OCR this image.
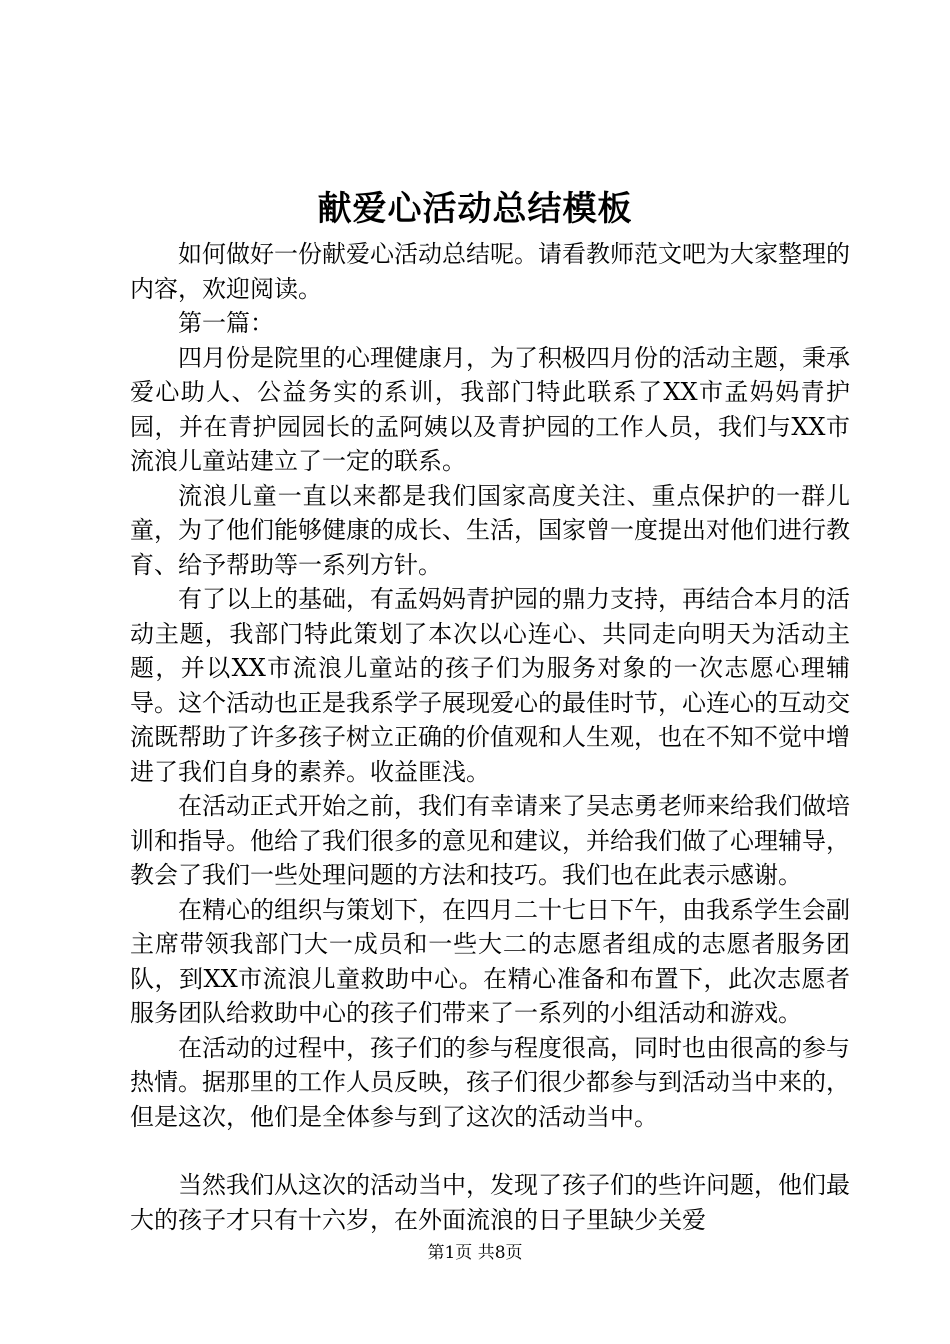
献爱心活动总结模板

如何做好一份献爱心活动总结呢。请看教师范文吧为大家整理的内容，欢迎阅读。

第一篇：

四月份是院里的心理健康月，为了积极四月份的活动主题，秉承爱心助人、公益务实的系训，我部门特此联系了XX市孟妈妈青护园，并在青护园园长的孟阿姨以及青护园的工作人员，我们与XX市流浪儿童站建立了一定的联系。

流浪儿童一直以来都是我们国家高度关注、重点保护的一群儿童，为了他们能够健康的成长、生活，国家曾一度提出对他们进行教育、给予帮助等一系列方针。

有了以上的基础，有孟妈妈青护园的鼎力支持，再结合本月的活动主题，我部门特此策划了本次以心连心、共同走向明天为活动主题，并以XX市流浪儿童站的孩子们为服务对象的一次志愿心理辅导。这个活动也正是我系学子展现爱心的最佳时节，心连心的互动交流既帮助了许多孩子树立正确的价值观和人生观，也在不知不觉中增进了我们自身的素养。收益匪浅。

在活动正式开始之前，我们有幸请来了吴志勇老师来给我们做培训和指导。他给了我们很多的意见和建议，并给我们做了心理辅导，教会了我们一些处理问题的方法和技巧。我们也在此表示感谢。

在精心的组织与策划下，在四月二十七日下午，由我系学生会副主席带领我部门大一成员和一些大二的志愿者组成的志愿者服务团队，到XX市流浪儿童救助中心。在精心准备和布置下，此次志愿者服务团队给救助中心的孩子们带来了一系列的小组活动和游戏。

在活动的过程中，孩子们的参与程度很高，同时也由很高的参与热情。据那里的工作人员反映，孩子们很少都参与到活动当中来的，但是这次，他们是全体参与到了这次的活动当中。

当然我们从这次的活动当中，发现了孩子们的些许问题，他们最大的孩子才只有十六岁，在外面流浪的日子里缺少关爱

第1页 共8页
